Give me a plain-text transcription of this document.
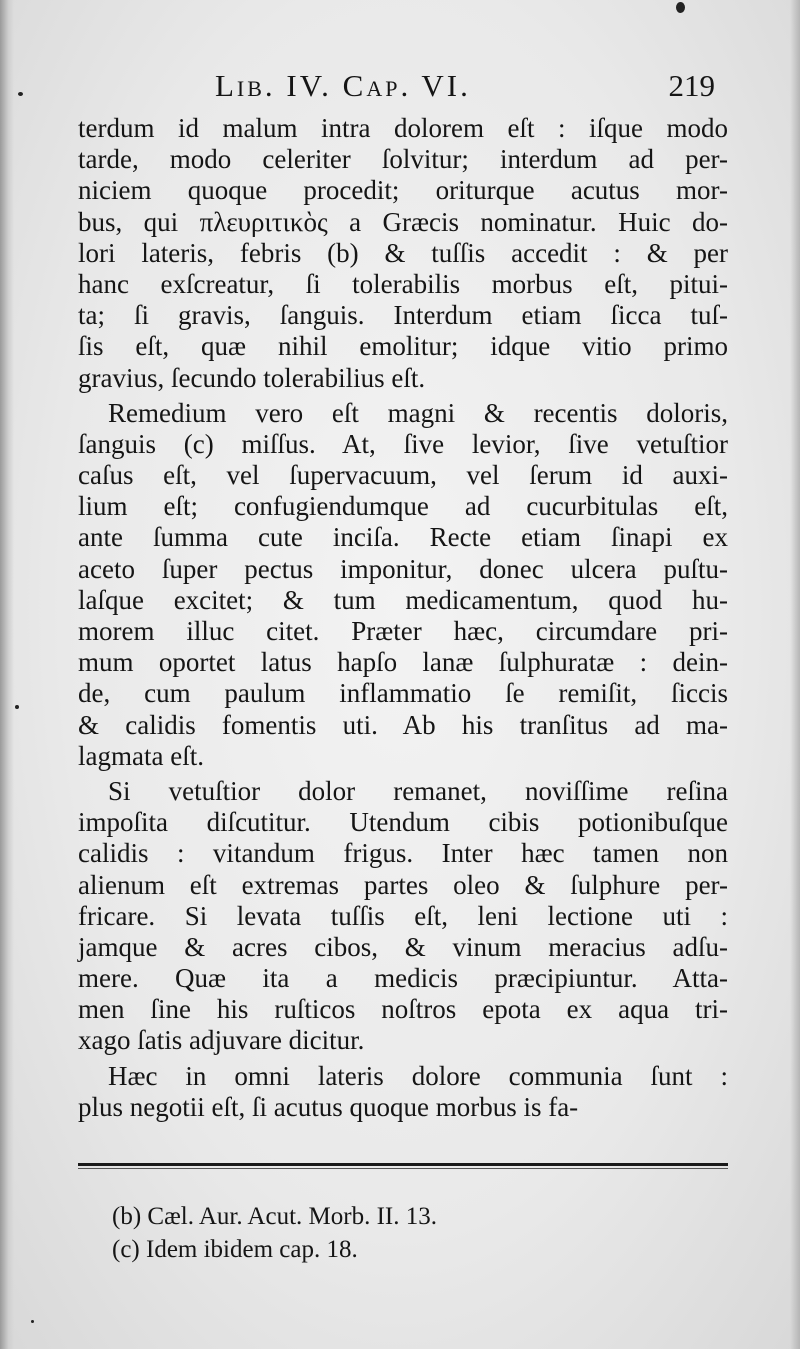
Lib. IV. Cap. VI.	219
terdum id malum intra dolorem eſt : iſque modo
tarde, modo celeriter ſolvitur; interdum ad per-
niciem quoque procedit; oriturque acutus mor-
bus, qui πλευριτικὸς a Græcis nominatur. Huic do-
lori lateris, febris (b) & tuſſis accedit : & per
hanc exſcreatur, ſi tolerabilis morbus eſt, pitui-
ta; ſi gravis, ſanguis. Interdum etiam ſicca tuſ-
ſis eſt, quæ nihil emolitur; idque vitio primo
gravius, ſecundo tolerabilius eſt.
Remedium vero eſt magni & recentis doloris,
ſanguis (c) miſſus. At, ſive levior, ſive vetuſtior
caſus eſt, vel ſupervacuum, vel ſerum id auxi-
lium eſt; confugiendumque ad cucurbitulas eſt,
ante ſumma cute inciſa. Recte etiam ſinapi ex
aceto ſuper pectus imponitur, donec ulcera puſtu-
laſque excitet; & tum medicamentum, quod hu-
morem illuc citet. Præter hæc, circumdare pri-
mum oportet latus hapſo lanæ ſulphuratæ : dein-
de, cum paulum inflammatio ſe remiſit, ſiccis
& calidis fomentis uti. Ab his tranſitus ad ma-
lagmata eſt.
Si vetuſtior dolor remanet, noviſſime reſina
impoſita diſcutitur. Utendum cibis potionibuſque
calidis : vitandum frigus. Inter hæc tamen non
alienum eſt extremas partes oleo & ſulphure per-
fricare. Si levata tuſſis eſt, leni lectione uti :
jamque & acres cibos, & vinum meracius adſu-
mere. Quæ ita a medicis præcipiuntur. Atta-
men ſine his ruſticos noſtros epota ex aqua tri-
xago ſatis adjuvare dicitur.
Hæc in omni lateris dolore communia ſunt :
plus negotii eſt, ſi acutus quoque morbus is fa-
(b) Cæl. Aur. Acut. Morb. II. 13.
(c) Idem ibidem cap. 18.
